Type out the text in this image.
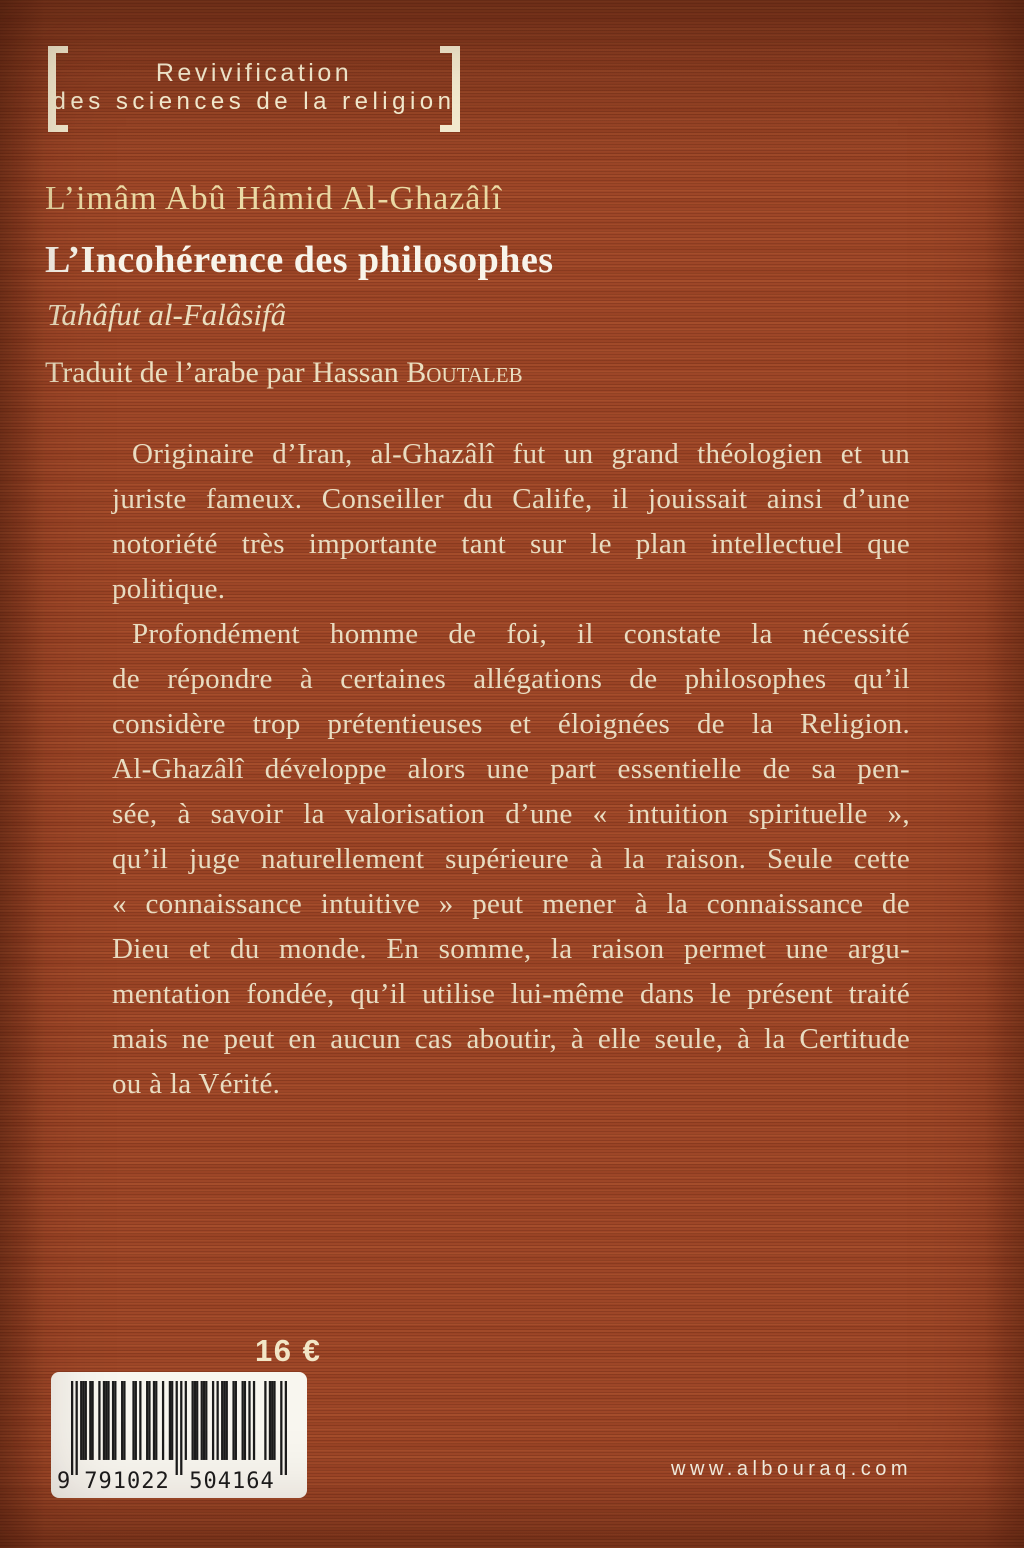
Revivification
des sciences de la religion
L’imâm Abû Hâmid Al-Ghazâlî
L’Incohérence des philosophes
Tahâfut al-Falâsifâ
Traduit de l’arabe par Hassan Boutaleb
Originaire d’Iran, al-Ghazâlî fut un grand théologien et un
juriste fameux. Conseiller du Calife, il jouissait ainsi d’une
notoriété très importante tant sur le plan intellectuel que
politique.
Profondément homme de foi, il constate la nécessité
de répondre à certaines allégations de philosophes qu’il
considère trop prétentieuses et éloignées de la Religion.
Al-Ghazâlî développe alors une part essentielle de sa pen-
sée, à savoir la valorisation d’une « intuition spirituelle »,
qu’il juge naturellement supérieure à la raison. Seule cette
« connaissance intuitive » peut mener à la connaissance de
Dieu et du monde. En somme, la raison permet une argu-
mentation fondée, qu’il utilise lui-même dans le présent traité
mais ne peut en aucun cas aboutir, à elle seule, à la Certitude
ou à la Vérité.
16 €
9 791022 504164	www.albouraq.com
